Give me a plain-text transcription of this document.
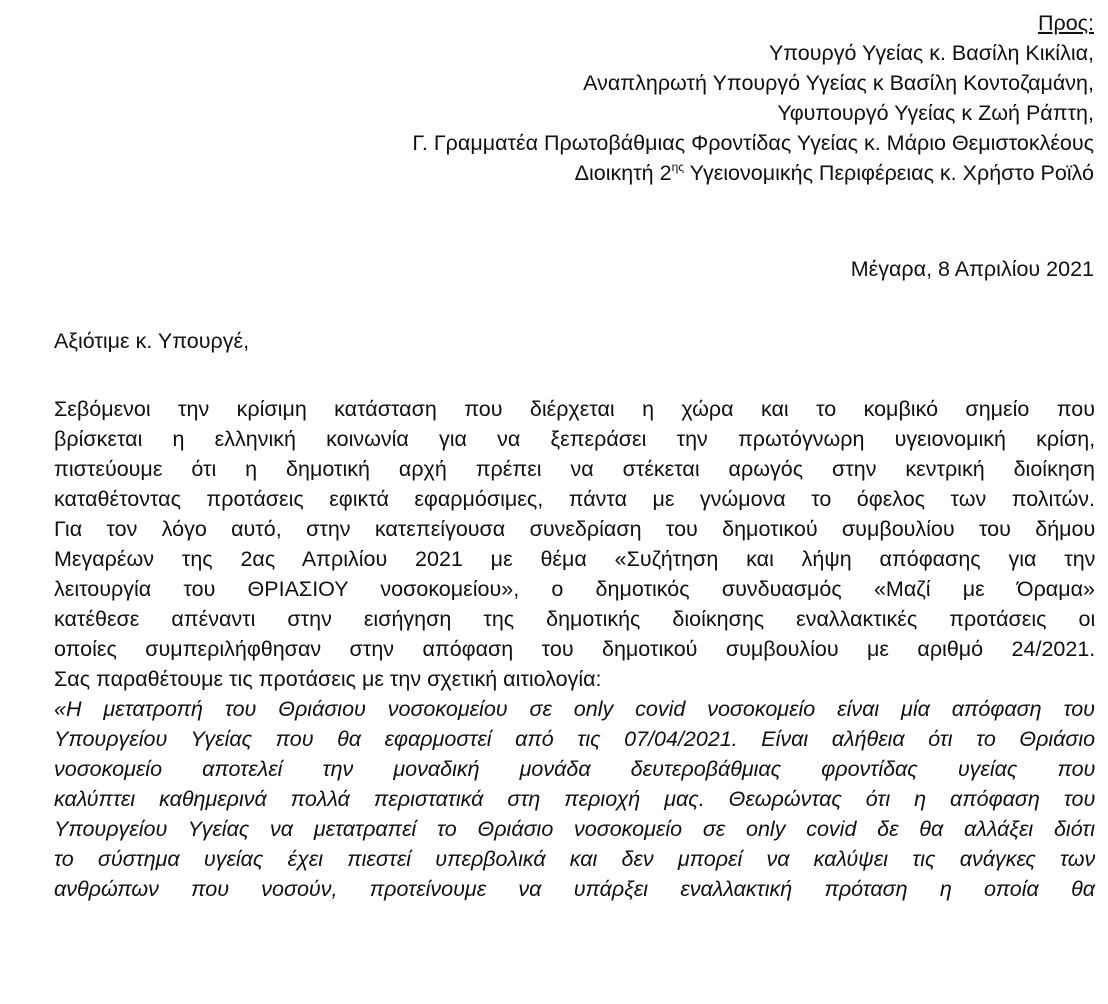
Προς:
Υπουργό Υγείας κ. Βασίλη Κικίλια,
Αναπληρωτή Υπουργό Υγείας κ Βασίλη Κοντοζαμάνη,
Υφυπουργό Υγείας κ Ζωή Ράπτη,
Γ. Γραμματέα Πρωτοβάθμιας Φροντίδας Υγείας κ. Μάριο Θεμιστοκλέους
Διοικητή $2^{\eta\varsigma}$ Υγειονομικής Περιφέρειας κ. Χρήστο Ροϊλό
Μέγαρα, 8 Απριλίου 2021
Αξιότιμε κ. Υπουργέ,
Σεβόμενοι την κρίσιμη κατάσταση που διέρχεται η χώρα και το κομβικό σημείο που
βρίσκεται η ελληνική κοινωνία για να ξεπεράσει την πρωτόγνωρη υγειονομική κρίση,
πιστεύουμε ότι η δημοτική αρχή πρέπει να στέκεται αρωγός στην κεντρική διοίκηση
καταθέτοντας προτάσεις εφικτά εφαρμόσιμες, πάντα με γνώμονα το όφελος των πολιτών.
Για τον λόγο αυτό, στην κατεπείγουσα συνεδρίαση του δημοτικού συμβουλίου του δήμου
Μεγαρέων της 2ας Απριλίου 2021 με θέμα «Συζήτηση και λήψη απόφασης για την
λειτουργία του ΘΡΙΑΣΙΟΥ νοσοκομείου», ο δημοτικός συνδυασμός «Μαζί με Όραμα»
κατέθεσε απέναντι στην εισήγηση της δημοτικής διοίκησης εναλλακτικές προτάσεις οι
οποίες συμπεριλήφθησαν στην απόφαση του δημοτικού συμβουλίου με αριθμό 24/2021.
Σας παραθέτουμε τις προτάσεις με την σχετική αιτιολογία:
«Η μετατροπή του Θριάσιου νοσοκομείου σε only covid νοσοκομείο είναι μία απόφαση του
Υπουργείου Υγείας που θα εφαρμοστεί από τις 07/04/2021. Είναι αλήθεια ότι το Θριάσιο
νοσοκομείο αποτελεί την μοναδική μονάδα δευτεροβάθμιας φροντίδας υγείας που
καλύπτει καθημερινά πολλά περιστατικά στη περιοχή μας. Θεωρώντας ότι η απόφαση του
Υπουργείου Υγείας να μετατραπεί το Θριάσιο νοσοκομείο σε only covid δε θα αλλάξει διότι
το σύστημα υγείας έχει πιεστεί υπερβολικά και δεν μπορεί να καλύψει τις ανάγκες των
ανθρώπων που νοσούν, προτείνουμε να υπάρξει εναλλακτική πρόταση η οποία θα
